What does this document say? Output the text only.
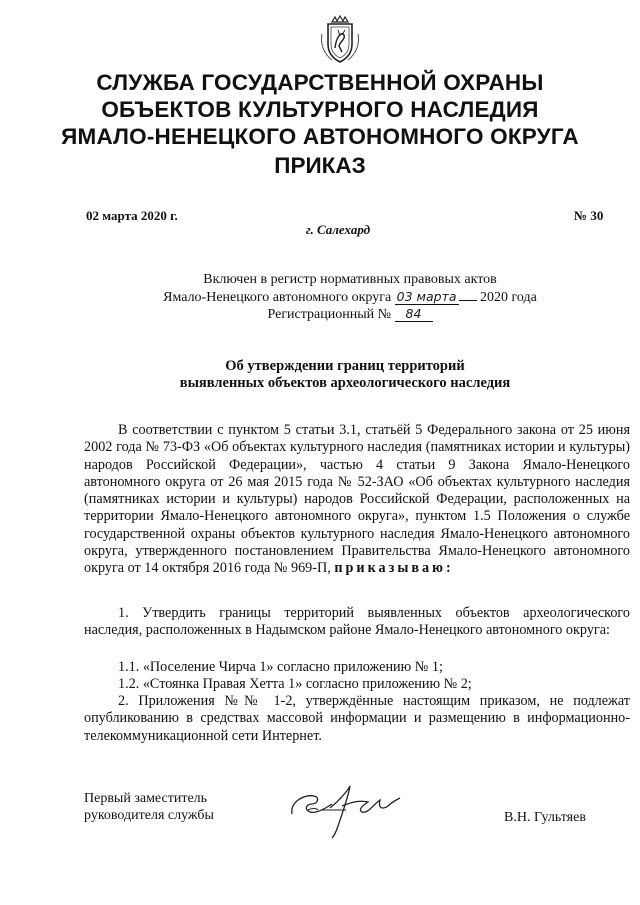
СЛУЖБА ГОСУДАРСТВЕННОЙ ОХРАНЫ
ОБЪЕКТОВ КУЛЬТУРНОГО НАСЛЕДИЯ
ЯМАЛО-НЕНЕЦКОГО АВТОНОМНОГО ОКРУГА
ПРИКАЗ
02 марта 2020 г.	№ 30
г. Салехард
Включен в регистр нормативных правовых актов
Ямало-Ненецкого автономного округа 03 марта 2020 года
Регистрационный № 84
Об утверждении границ территорий
выявленных объектов археологического наследия
В соответствии с пунктом 5 статьи 3.1, статьёй 5 Федерального закона от 25 июня 2002 года № 73-ФЗ «Об объектах культурного наследия (памятниках истории и культуры) народов Российской Федерации», частью 4 статьи 9 Закона Ямало-Ненецкого автономного округа от 26 мая 2015 года № 52-ЗАО «Об объектах культурного наследия (памятниках истории и культуры) народов Российской Федерации, расположенных на территории Ямало-Ненецкого автономного округа», пунктом 1.5 Положения о службе государственной охраны объектов культурного наследия Ямало-Ненецкого автономного округа, утвержденного постановлением Правительства Ямало-Ненецкого автономного округа от 14 октября 2016 года № 969-П, приказываю:
1. Утвердить границы территорий выявленных объектов археологического наследия, расположенных в Надымском районе Ямало-Ненецкого автономного округа:
1.1. «Поселение Чирча 1» согласно приложению № 1;
1.2. «Стоянка Правая Хетта 1» согласно приложению № 2;
2. Приложения №№ 1-2, утверждённые настоящим приказом, не подлежат опубликованию в средствах массовой информации и размещению в информационно-телекоммуникационной сети Интернет.
Первый заместитель
руководителя службы	В.Н. Гультяев
